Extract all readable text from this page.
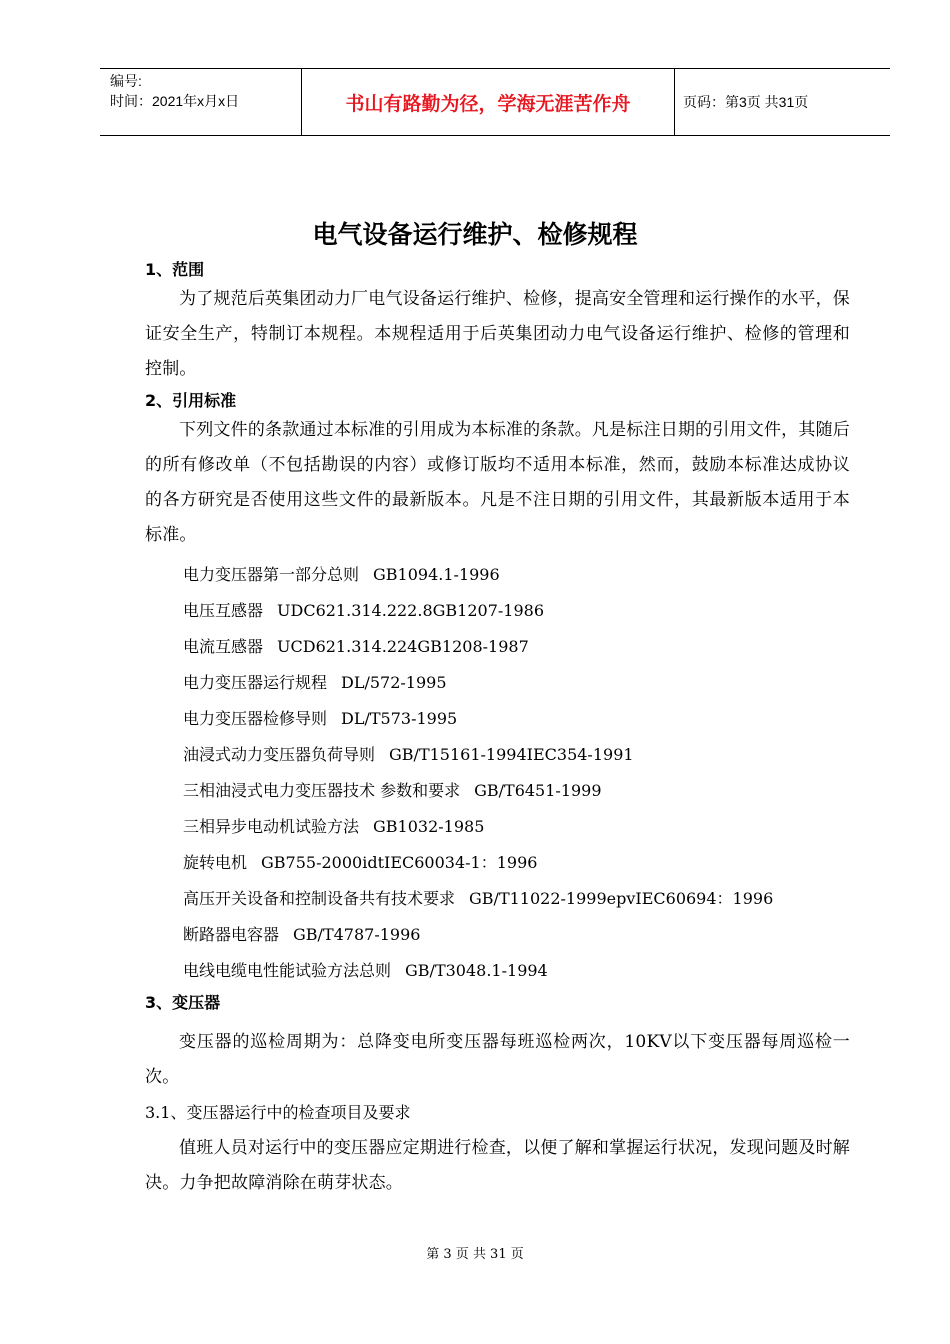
编号:
时间：2021年x月x日	书山有路勤为径，学海无涯苦作舟	页码：第3页 共31页
电气设备运行维护、检修规程
1、范围
为了规范后英集团动力厂电气设备运行维护、检修，提高安全管理和运行操作的水平，保证安全生产，特制订本规程。本规程适用于后英集团动力电气设备运行维护、检修的管理和控制。
2、引用标准
下列文件的条款通过本标准的引用成为本标准的条款。凡是标注日期的引用文件，其随后的所有修改单（不包括勘误的内容）或修订版均不适用本标准，然而，鼓励本标准达成协议的各方研究是否使用这些文件的最新版本。凡是不注日期的引用文件，其最新版本适用于本标准。
电力变压器第一部分总则 GB1094.1-1996
电压互感器 UDC621.314.222.8GB1207-1986
电流互感器 UCD621.314.224GB1208-1987
电力变压器运行规程 DL/572-1995
电力变压器检修导则 DL/T573-1995
油浸式动力变压器负荷导则 GB/T15161-1994IEC354-1991
三相油浸式电力变压器技术 参数和要求 GB/T6451-1999
三相异步电动机试验方法 GB1032-1985
旋转电机 GB755-2000idtIEC60034-1：1996
高压开关设备和控制设备共有技术要求 GB/T11022-1999epvIEC60694：1996
断路器电容器 GB/T4787-1996
电线电缆电性能试验方法总则 GB/T3048.1-1994
3、变压器
变压器的巡检周期为：总降变电所变压器每班巡检两次，10KV以下变压器每周巡检一次。
3.1、变压器运行中的检查项目及要求
值班人员对运行中的变压器应定期进行检查，以便了解和掌握运行状况，发现问题及时解决。力争把故障消除在萌芽状态。
第 3 页 共 31 页
